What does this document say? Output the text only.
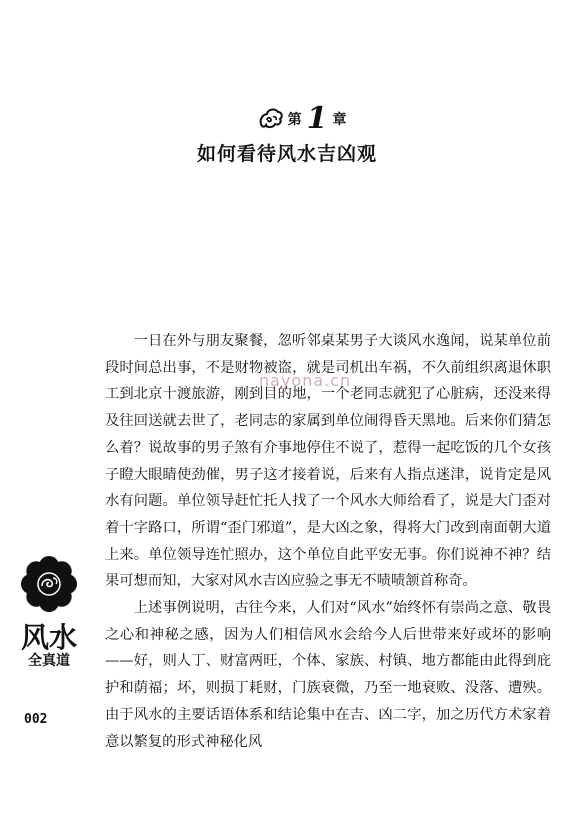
第 1 章
如何看待风水吉凶观

一日在外与朋友聚餐，忽听邻桌某男子大谈风水逸闻，说某单位前段时间总出事，不是财物被盗，就是司机出车祸，不久前组织离退休职工到北京十渡旅游，刚到目的地，一个老同志就犯了心脏病，还没来得及往回送就去世了，老同志的家属到单位闹得昏天黑地。后来你们猜怎么着？说故事的男子煞有介事地停住不说了，惹得一起吃饭的几个女孩子瞪大眼睛使劲催，男子这才接着说，后来有人指点迷津，说肯定是风水有问题。单位领导赶忙托人找了一个风水大师给看了，说是大门歪对着十字路口，所谓“歪门邪道”，是大凶之象，得将大门改到南面朝大道上来。单位领导连忙照办，这个单位自此平安无事。你们说神不神？结果可想而知，大家对风水吉凶应验之事无不啧啧颔首称奇。

上述事例说明，古往今来，人们对“风水”始终怀有崇尚之意、敬畏之心和神秘之感，因为人们相信风水会给今人后世带来好或坏的影响——好，则人丁、财富两旺，个体、家族、村镇、地方都能由此得到庇护和荫福；坏，则损丁耗财，门族衰微，乃至一地衰败、没落、遭殃。由于风水的主要话语体系和结论集中在吉、凶二字，加之历代方术家着意以繁复的形式神秘化风

nayona.cn
风水
全真道
002
